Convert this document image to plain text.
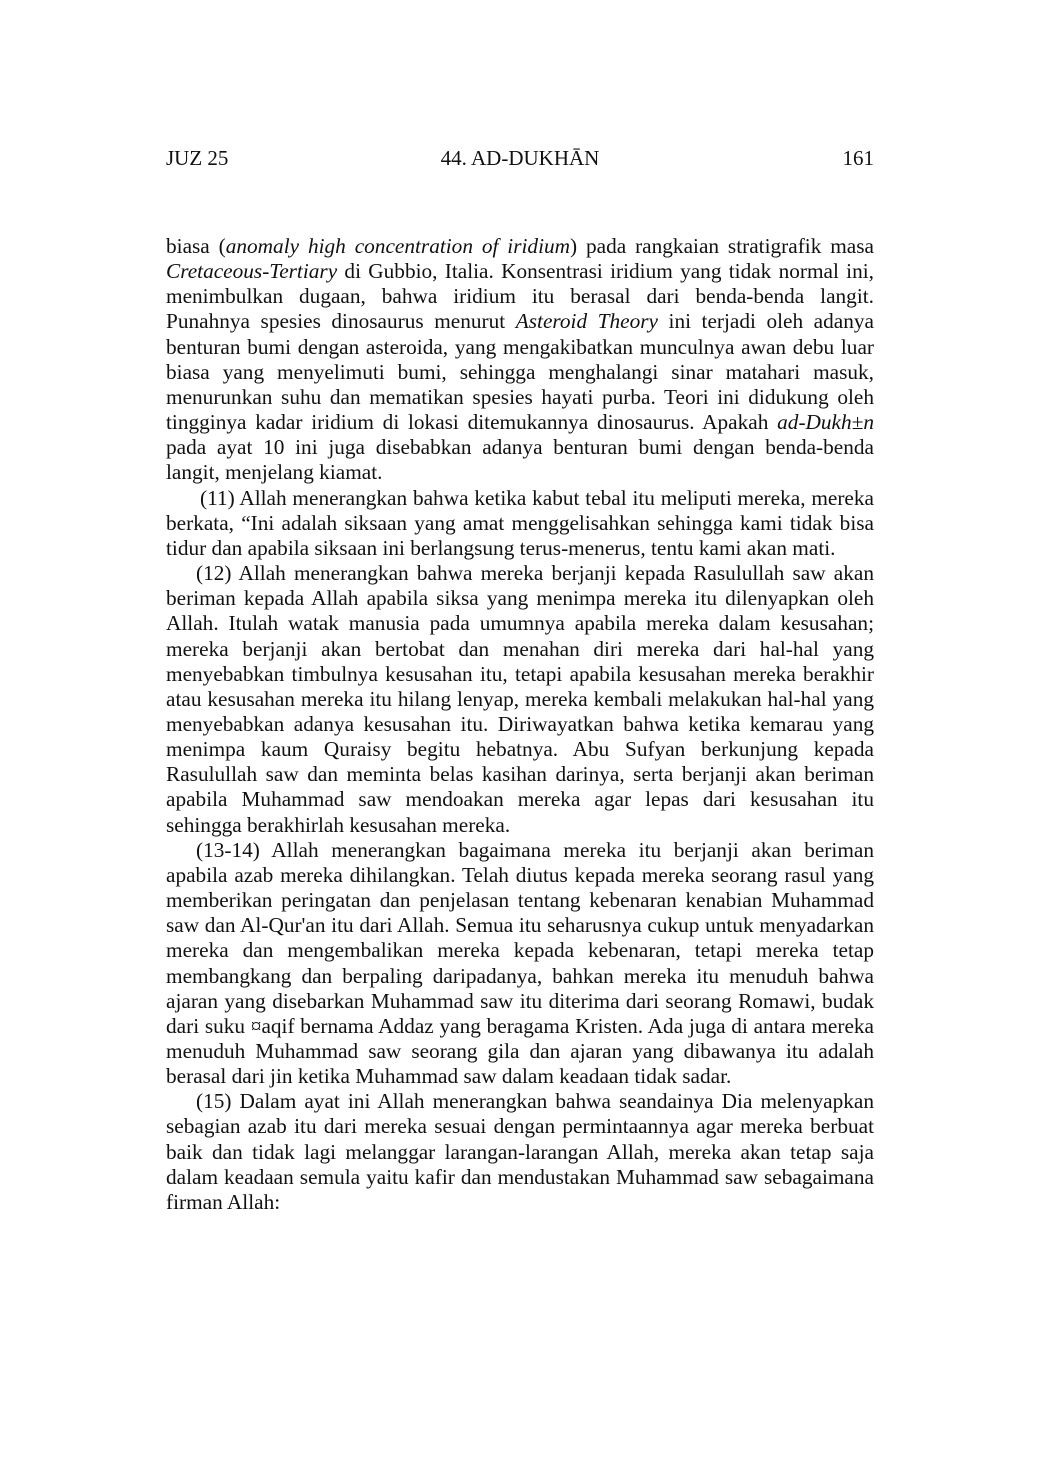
JUZ 25	44. AD-DUKHĀN	161

biasa (anomaly high concentration of iridium) pada rangkaian stratigrafik masa Cretaceous-Tertiary di Gubbio, Italia. Konsentrasi iridium yang tidak normal ini, menimbulkan dugaan, bahwa iridium itu berasal dari benda-benda langit. Punahnya spesies dinosaurus menurut Asteroid Theory ini terjadi oleh adanya benturan bumi dengan asteroida, yang mengakibatkan munculnya awan debu luar biasa yang menyelimuti bumi, sehingga menghalangi sinar matahari masuk, menurunkan suhu dan mematikan spesies hayati purba. Teori ini didukung oleh tingginya kadar iridium di lokasi ditemukannya dinosaurus. Apakah ad-Dukh±n pada ayat 10 ini juga disebabkan adanya benturan bumi dengan benda-benda langit, menjelang kiamat.

(11) Allah menerangkan bahwa ketika kabut tebal itu meliputi mereka, mereka berkata, “Ini adalah siksaan yang amat menggelisahkan sehingga kami tidak bisa tidur dan apabila siksaan ini berlangsung terus-menerus, tentu kami akan mati.

(12) Allah menerangkan bahwa mereka berjanji kepada Rasulullah saw akan beriman kepada Allah apabila siksa yang menimpa mereka itu dilenyapkan oleh Allah. Itulah watak manusia pada umumnya apabila mereka dalam kesusahan; mereka berjanji akan bertobat dan menahan diri mereka dari hal-hal yang menyebabkan timbulnya kesusahan itu, tetapi apabila kesusahan mereka berakhir atau kesusahan mereka itu hilang lenyap, mereka kembali melakukan hal-hal yang menyebabkan adanya kesusahan itu. Diriwayatkan bahwa ketika kemarau yang menimpa kaum Quraisy begitu hebatnya. Abu Sufyan berkunjung kepada Rasulullah saw dan meminta belas kasihan darinya, serta berjanji akan beriman apabila Muhammad saw mendoakan mereka agar lepas dari kesusahan itu sehingga berakhirlah kesusahan mereka.

(13-14) Allah menerangkan bagaimana mereka itu berjanji akan beriman apabila azab mereka dihilangkan. Telah diutus kepada mereka seorang rasul yang memberikan peringatan dan penjelasan tentang kebenaran kenabian Muhammad saw dan Al-Qur'an itu dari Allah. Semua itu seharusnya cukup untuk menyadarkan mereka dan mengembalikan mereka kepada kebenaran, tetapi mereka tetap membangkang dan berpaling daripadanya, bahkan mereka itu menuduh bahwa ajaran yang disebarkan Muhammad saw itu diterima dari seorang Romawi, budak dari suku ¤aqif bernama Addaz yang beragama Kristen. Ada juga di antara mereka menuduh Muhammad saw seorang gila dan ajaran yang dibawanya itu adalah berasal dari jin ketika Muhammad saw dalam keadaan tidak sadar.

(15) Dalam ayat ini Allah menerangkan bahwa seandainya Dia melenyapkan sebagian azab itu dari mereka sesuai dengan permintaannya agar mereka berbuat baik dan tidak lagi melanggar larangan-larangan Allah, mereka akan tetap saja dalam keadaan semula yaitu kafir dan mendustakan Muhammad saw sebagaimana firman Allah:
